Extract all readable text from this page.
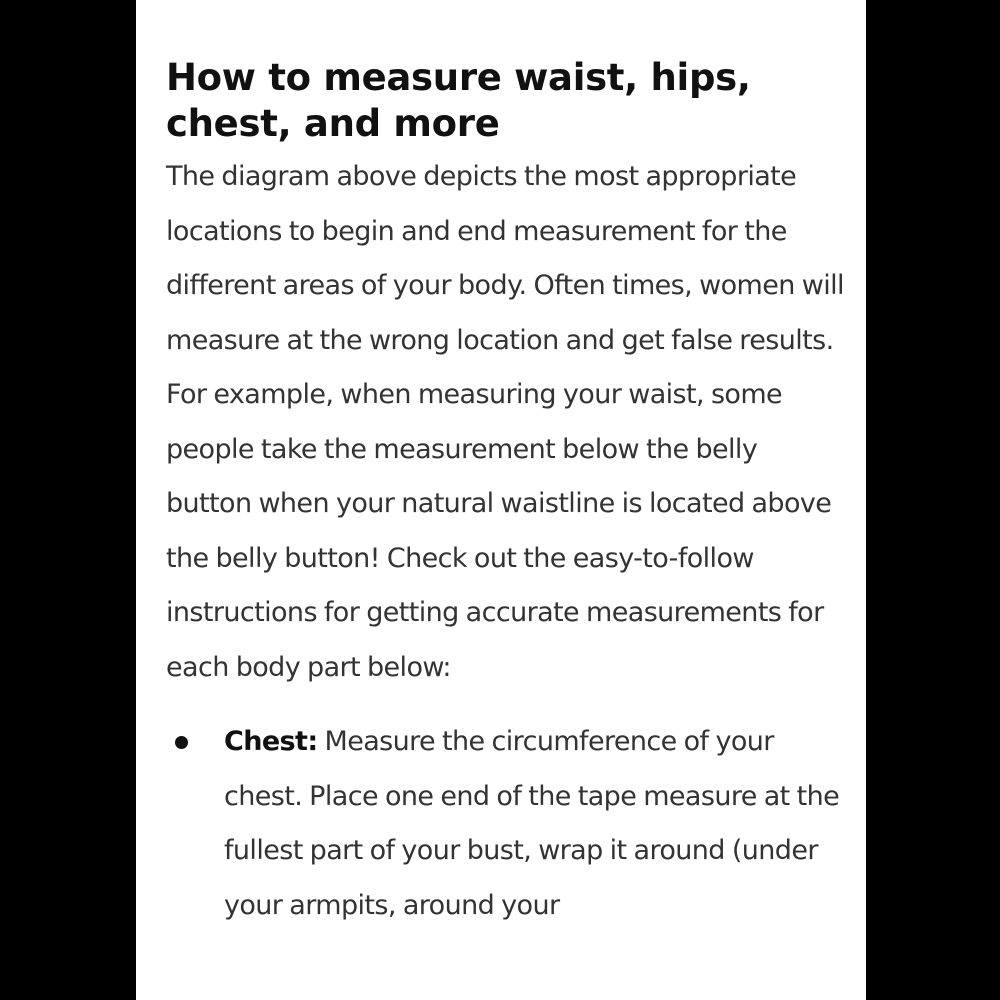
How to measure waist, hips, chest, and more

The diagram above depicts the most appropriate locations to begin and end measurement for the different areas of your body. Often times, women will measure at the wrong location and get false results. For example, when measuring your waist, some people take the measurement below the belly button when your natural waistline is located above the belly button! Check out the easy-to-follow instructions for getting accurate measurements for each body part below:

Chest: Measure the circumference of your chest. Place one end of the tape measure at the fullest part of your bust, wrap it around (under your armpits, around your
